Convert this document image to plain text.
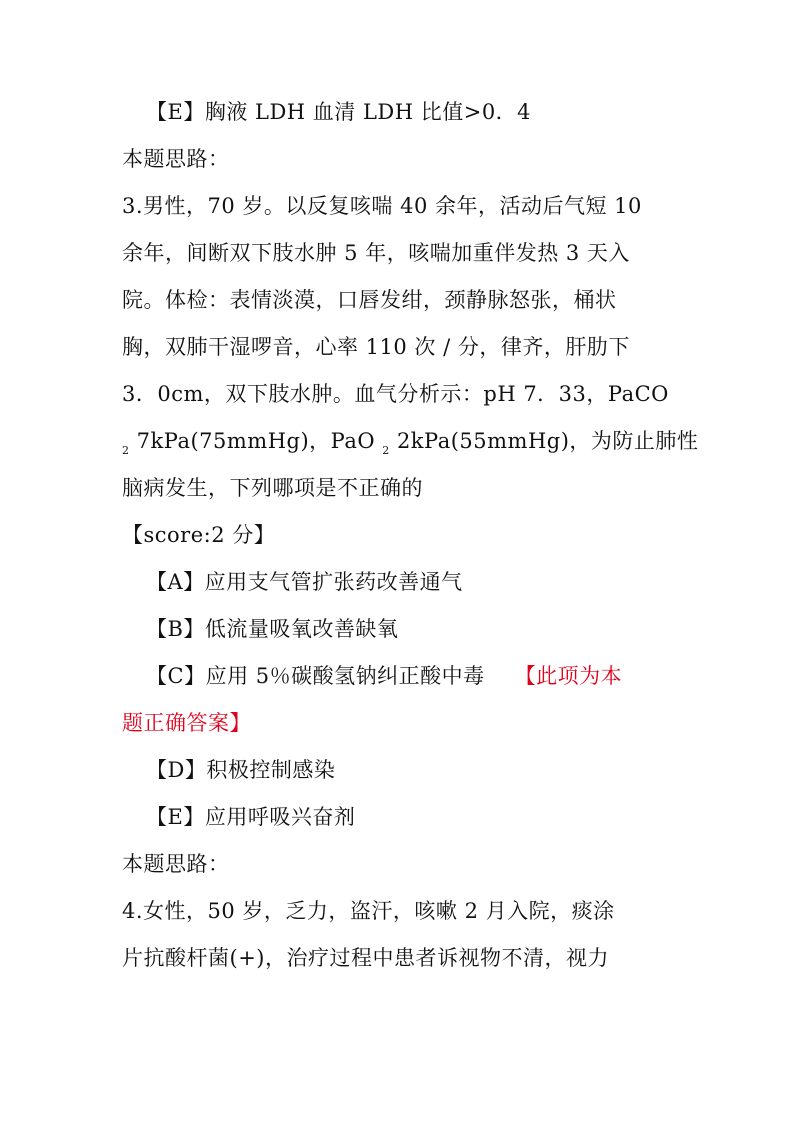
【E】胸液 LDH 血清 LDH 比值>0．4
本题思路：
3.男性，70 岁。以反复咳喘 40 余年，活动后气短 10
余年，间断双下肢水肿 5 年，咳喘加重伴发热 3 天入
院。体检：表情淡漠，口唇发绀，颈静脉怒张，桶状
胸，双肺干湿啰音，心率 110 次 / 分，律齐，肝肋下
3．0cm，双下肢水肿。血气分析示：pH 7．33，PaCO
$_2$ 7kPa(75mmHg)，PaO $_2$ 2kPa(55mmHg)，为防止肺性
脑病发生，下列哪项是不正确的
【score:2 分】
【A】应用支气管扩张药改善通气
【B】低流量吸氧改善缺氧
【C】应用 5％碳酸氢钠纠正酸中毒 【此项为本
题正确答案】
【D】积极控制感染
【E】应用呼吸兴奋剂
本题思路：
4.女性，50 岁，乏力，盗汗，咳嗽 2 月入院，痰涂
片抗酸杆菌(+)，治疗过程中患者诉视物不清，视力
